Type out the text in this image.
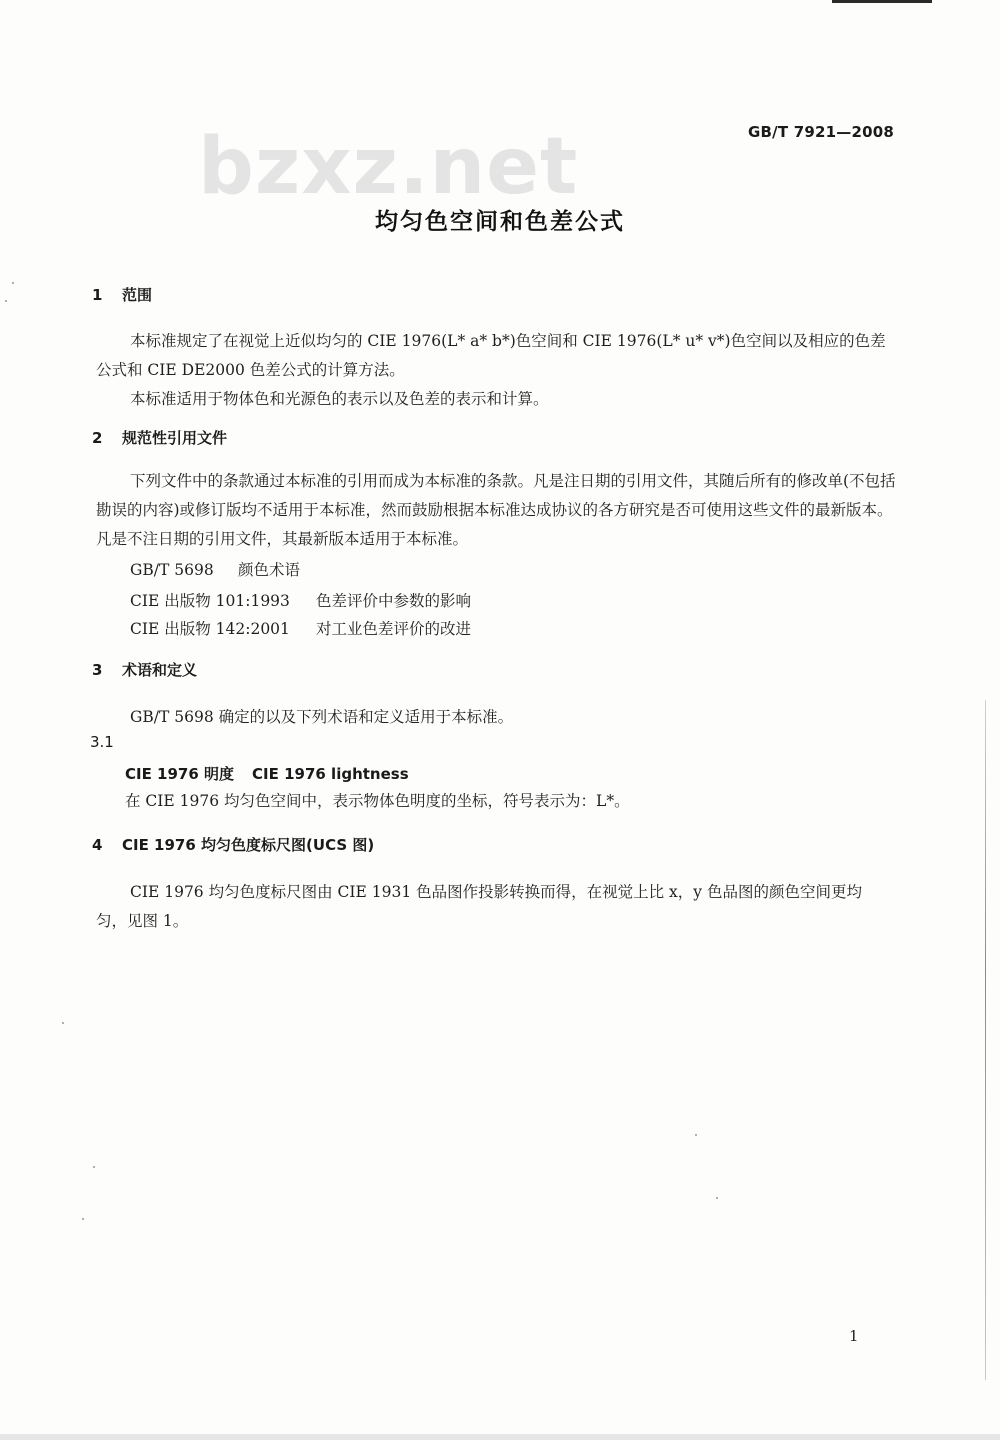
bzxz.net	GB/T 7921—2008
均匀色空间和色差公式
1 范围
本标准规定了在视觉上近似均匀的 CIE 1976(L* a* b*)色空间和 CIE 1976(L* u* v*)色空间以及相应的色差公式和 CIE DE2000 色差公式的计算方法。
本标准适用于物体色和光源色的表示以及色差的表示和计算。
2 规范性引用文件
下列文件中的条款通过本标准的引用而成为本标准的条款。凡是注日期的引用文件，其随后所有的修改单(不包括勘误的内容)或修订版均不适用于本标准，然而鼓励根据本标准达成协议的各方研究是否可使用这些文件的最新版本。凡是不注日期的引用文件，其最新版本适用于本标准。
GB/T 5698 颜色术语
CIE 出版物 101:1993 色差评价中参数的影响
CIE 出版物 142:2001 对工业色差评价的改进
3 术语和定义
GB/T 5698 确定的以及下列术语和定义适用于本标准。
3.1
CIE 1976 明度 CIE 1976 lightness
在 CIE 1976 均匀色空间中，表示物体色明度的坐标，符号表示为：L*。
4 CIE 1976 均匀色度标尺图(UCS 图)
CIE 1976 均匀色度标尺图由 CIE 1931 色品图作投影转换而得，在视觉上比 x，y 色品图的颜色空间更均匀，见图 1。
1
